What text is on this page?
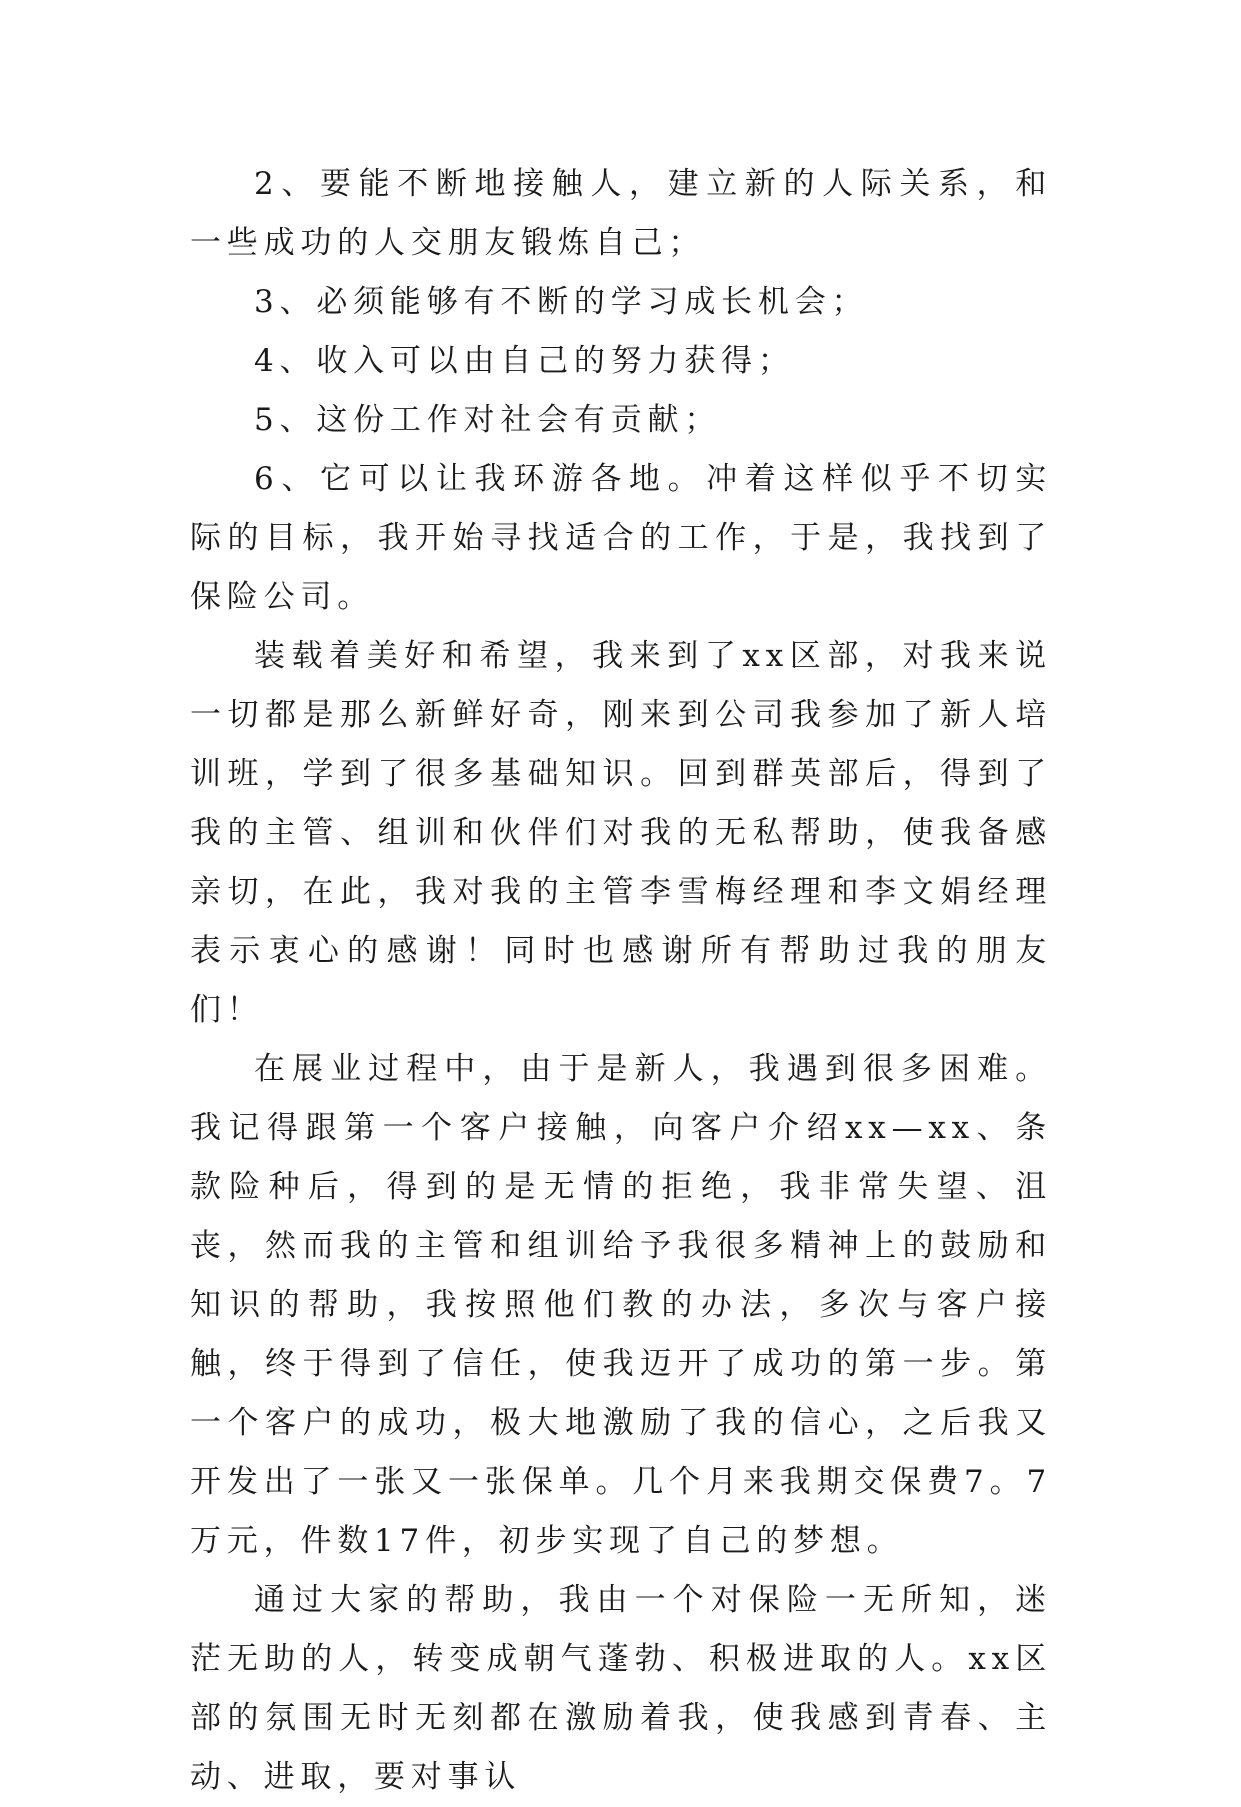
2、要能不断地接触人，建立新的人际关系，和一些成功的人交朋友锻炼自己；

3、必须能够有不断的学习成长机会；

4、收入可以由自己的努力获得；

5、这份工作对社会有贡献；

6、它可以让我环游各地。冲着这样似乎不切实际的目标，我开始寻找适合的工作，于是，我找到了保险公司。

装载着美好和希望，我来到了xx区部，对我来说一切都是那么新鲜好奇，刚来到公司我参加了新人培训班，学到了很多基础知识。回到群英部后，得到了我的主管、组训和伙伴们对我的无私帮助，使我备感亲切，在此，我对我的主管李雪梅经理和李文娟经理表示衷心的感谢！同时也感谢所有帮助过我的朋友们！

在展业过程中，由于是新人，我遇到很多困难。我记得跟第一个客户接触，向客户介绍xx—xx、条款险种后，得到的是无情的拒绝，我非常失望、沮丧，然而我的主管和组训给予我很多精神上的鼓励和知识的帮助，我按照他们教的办法，多次与客户接触，终于得到了信任，使我迈开了成功的第一步。第一个客户的成功，极大地激励了我的信心，之后我又开发出了一张又一张保单。几个月来我期交保费7。7万元，件数17件，初步实现了自己的梦想。

通过大家的帮助，我由一个对保险一无所知，迷茫无助的人，转变成朝气蓬勃、积极进取的人。xx区部的氛围无时无刻都在激励着我，使我感到青春、主动、进取，要对事认
